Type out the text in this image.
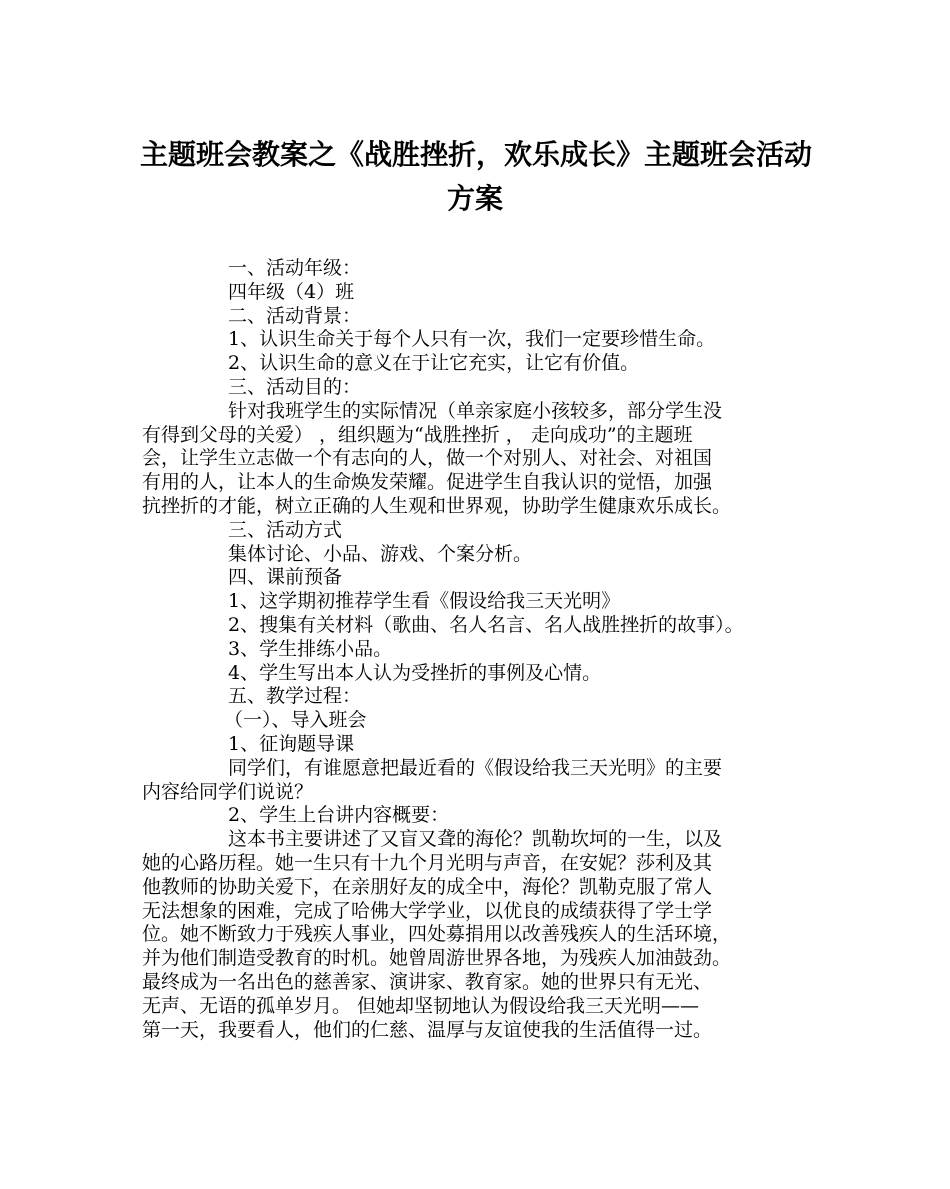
主题班会教案之《战胜挫折，欢乐成长》主题班会活动
方案
一、活动年级：
四年级（4）班
二、活动背景：
1、认识生命关于每个人只有一次，我们一定要珍惜生命。
2、认识生命的意义在于让它充实，让它有价值。
三、活动目的：
针对我班学生的实际情况（单亲家庭小孩较多，部分学生没
有得到父母的关爱） ，组织题为“战胜挫折 ， 走向成功”的主题班
会，让学生立志做一个有志向的人，做一个对别人、对社会、对祖国
有用的人，让本人的生命焕发荣耀。促进学生自我认识的觉悟，加强
抗挫折的才能，树立正确的人生观和世界观，协助学生健康欢乐成长。
三、活动方式
集体讨论、小品、游戏、个案分析。
四、课前预备
1、这学期初推荐学生看《假设给我三天光明》
2、搜集有关材料（歌曲、名人名言、名人战胜挫折的故事）。
3、学生排练小品。
4、学生写出本人认为受挫折的事例及心情。
五、教学过程：
（一）、导入班会
1、征询题导课
同学们，有谁愿意把最近看的《假设给我三天光明》的主要
内容给同学们说说？
2、学生上台讲内容概要：
这本书主要讲述了又盲又聋的海伦？凯勒坎坷的一生，以及
她的心路历程。她一生只有十九个月光明与声音，在安妮？莎利及其
他教师的协助关爱下，在亲朋好友的成全中，海伦？凯勒克服了常人
无法想象的困难，完成了哈佛大学学业，以优良的成绩获得了学士学
位。她不断致力于残疾人事业，四处募捐用以改善残疾人的生活环境，
并为他们制造受教育的时机。她曾周游世界各地，为残疾人加油鼓劲。
最终成为一名出色的慈善家、演讲家、教育家。她的世界只有无光、
无声、无语的孤单岁月。 但她却坚韧地认为假设给我三天光明——
第一天，我要看人，他们的仁慈、温厚与友谊使我的生活值得一过。
